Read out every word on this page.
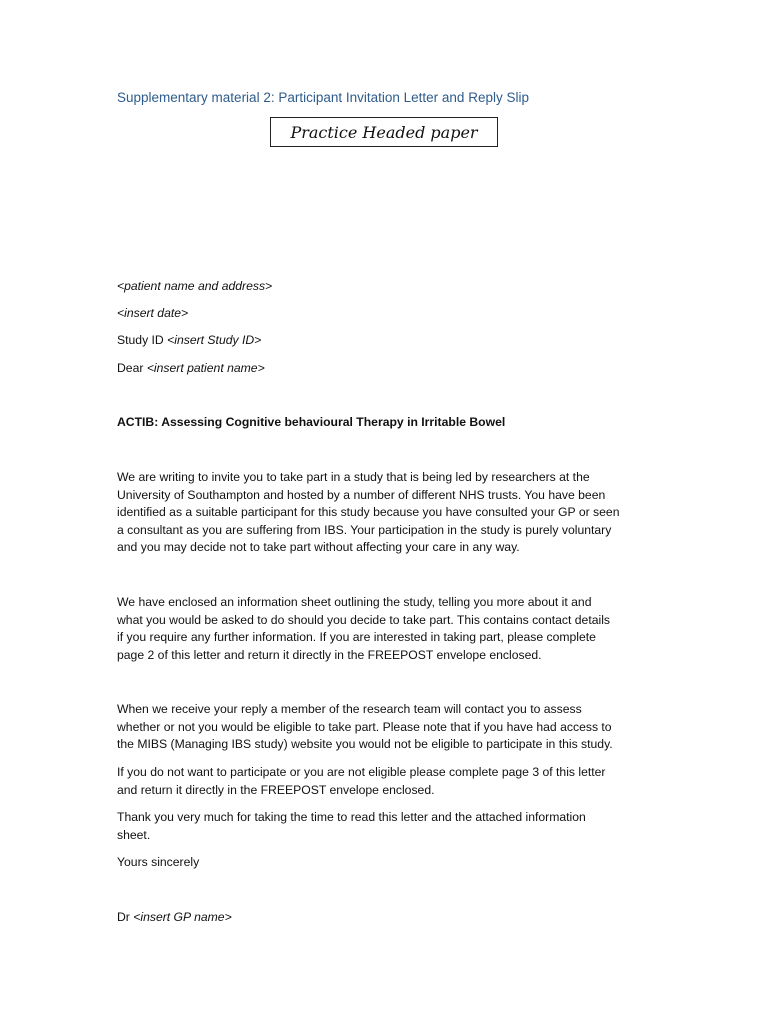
Supplementary material 2: Participant Invitation Letter and Reply Slip

Practice Headed paper

<patient name and address>

<insert date>

Study ID <insert Study ID>

Dear <insert patient name>

ACTIB: Assessing Cognitive behavioural Therapy in Irritable Bowel

We are writing to invite you to take part in a study that is being led by researchers at the
University of Southampton and hosted by a number of different NHS trusts. You have been
identified as a suitable participant for this study because you have consulted your GP or seen
a consultant as you are suffering from IBS. Your participation in the study is purely voluntary
and you may decide not to take part without affecting your care in any way.
We have enclosed an information sheet outlining the study, telling you more about it and
what you would be asked to do should you decide to take part. This contains contact details
if you require any further information. If you are interested in taking part, please complete
page 2 of this letter and return it directly in the FREEPOST envelope enclosed.
When we receive your reply a member of the research team will contact you to assess
whether or not you would be eligible to take part. Please note that if you have had access to
the MIBS (Managing IBS study) website you would not be eligible to participate in this study.
If you do not want to participate or you are not eligible please complete page 3 of this letter
and return it directly in the FREEPOST envelope enclosed.
Thank you very much for taking the time to read this letter and the attached information
sheet.

Yours sincerely

Dr <insert GP name>
